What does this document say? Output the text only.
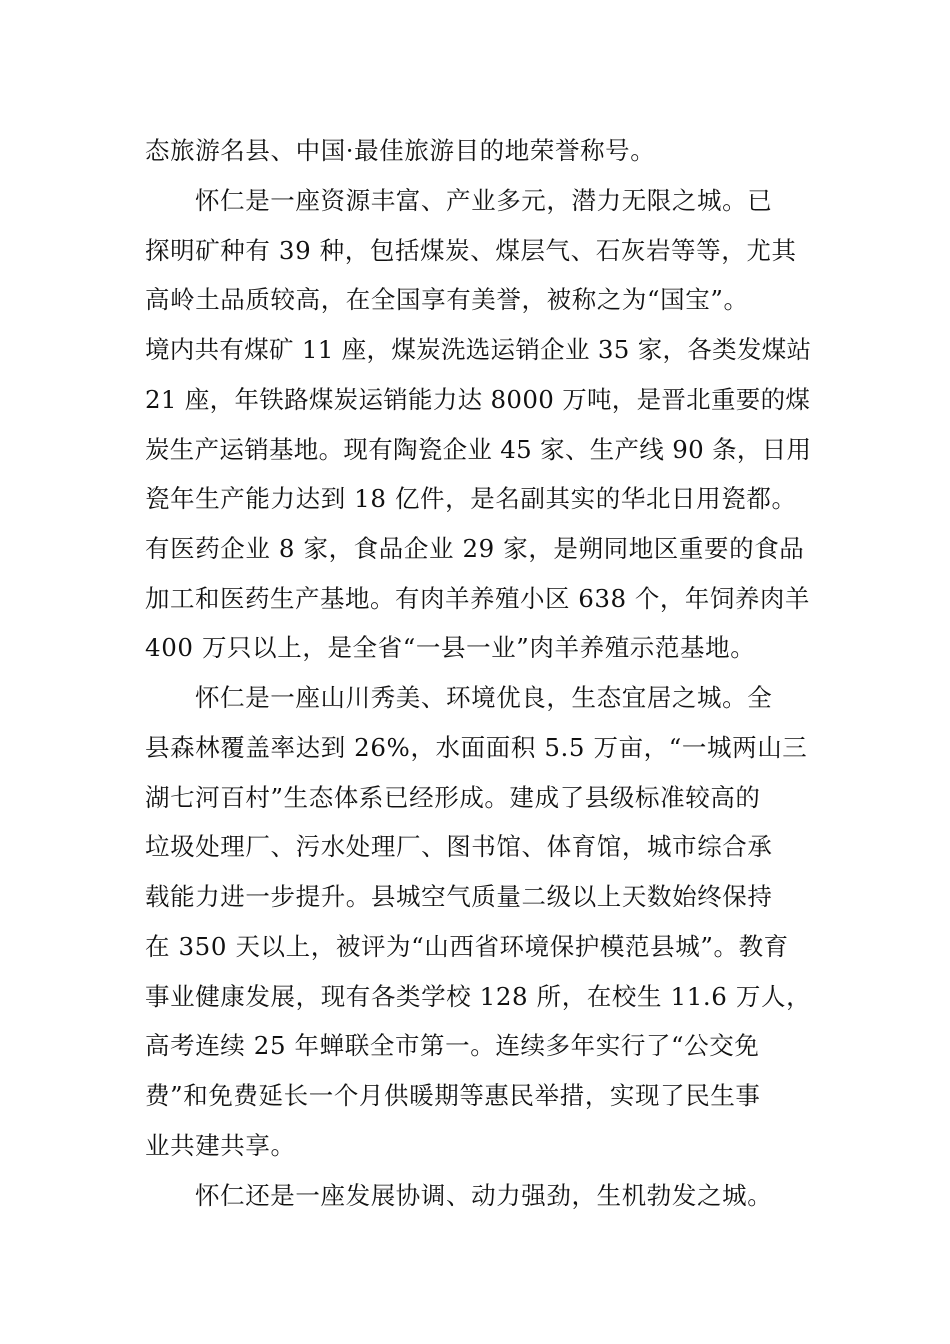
态旅游名县、中国·最佳旅游目的地荣誉称号。
怀仁是一座资源丰富、产业多元，潜力无限之城。已
探明矿种有 39 种，包括煤炭、煤层气、石灰岩等等，尤其
高岭土品质较高，在全国享有美誉，被称之为“国宝”。
境内共有煤矿 11 座，煤炭洗选运销企业 35 家，各类发煤站
21 座，年铁路煤炭运销能力达 8000 万吨，是晋北重要的煤
炭生产运销基地。现有陶瓷企业 45 家、生产线 90 条，日用
瓷年生产能力达到 18 亿件，是名副其实的华北日用瓷都。
有医药企业 8 家，食品企业 29 家，是朔同地区重要的食品
加工和医药生产基地。有肉羊养殖小区 638 个，年饲养肉羊
400 万只以上，是全省“一县一业”肉羊养殖示范基地。
怀仁是一座山川秀美、环境优良，生态宜居之城。全
县森林覆盖率达到 26%，水面面积 5.5 万亩，“一城两山三
湖七河百村”生态体系已经形成。建成了县级标准较高的
垃圾处理厂、污水处理厂、图书馆、体育馆，城市综合承
载能力进一步提升。县城空气质量二级以上天数始终保持
在 350 天以上，被评为“山西省环境保护模范县城”。教育
事业健康发展，现有各类学校 128 所，在校生 11.6 万人，
高考连续 25 年蝉联全市第一。连续多年实行了“公交免
费”和免费延长一个月供暖期等惠民举措，实现了民生事
业共建共享。
怀仁还是一座发展协调、动力强劲，生机勃发之城。
